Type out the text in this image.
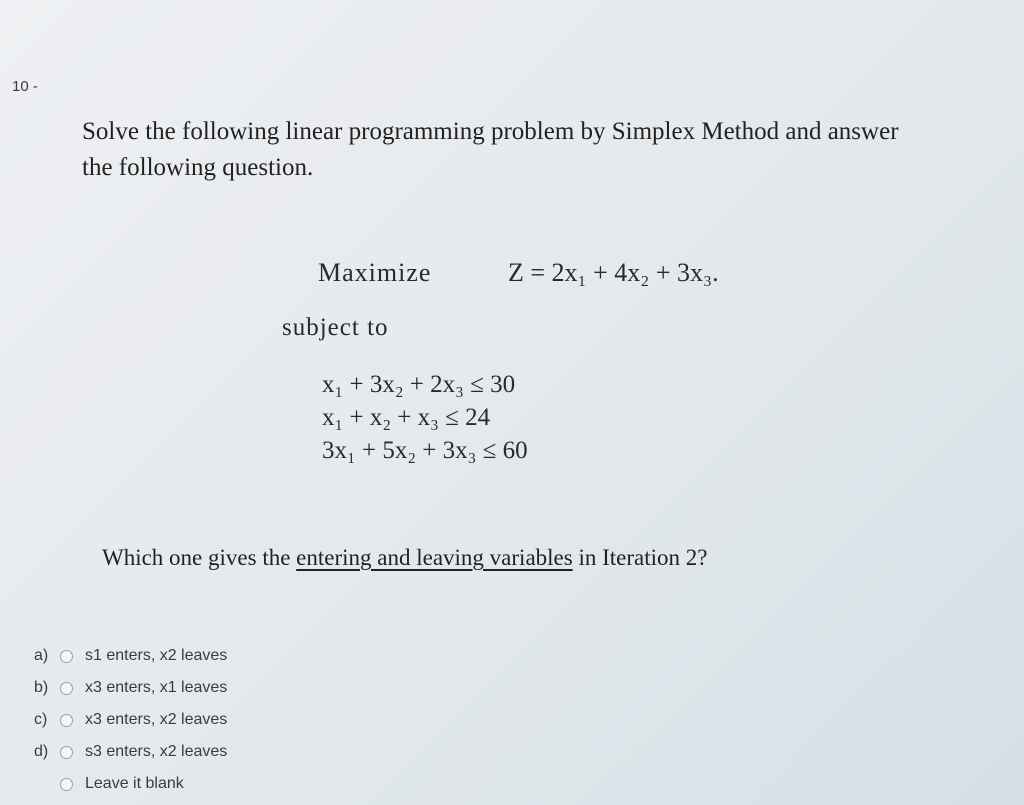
10 -
Solve the following linear programming problem by Simplex Method and answer
the following question.
Maximize	Z = 2x₁ + 4x₂ + 3x₃.
subject to
x₁ + 3x₂ + 2x₃ ≤ 30
x₁ + x₂ + x₃ ≤ 24
3x₁ + 5x₂ + 3x₃ ≤ 60
Which one gives the entering and leaving variables in Iteration 2?
a)	s1 enters, x2 leaves
b)	x3 enters, x1 leaves
c)	x3 enters, x2 leaves
d)	s3 enters, x2 leaves
Leave it blank
